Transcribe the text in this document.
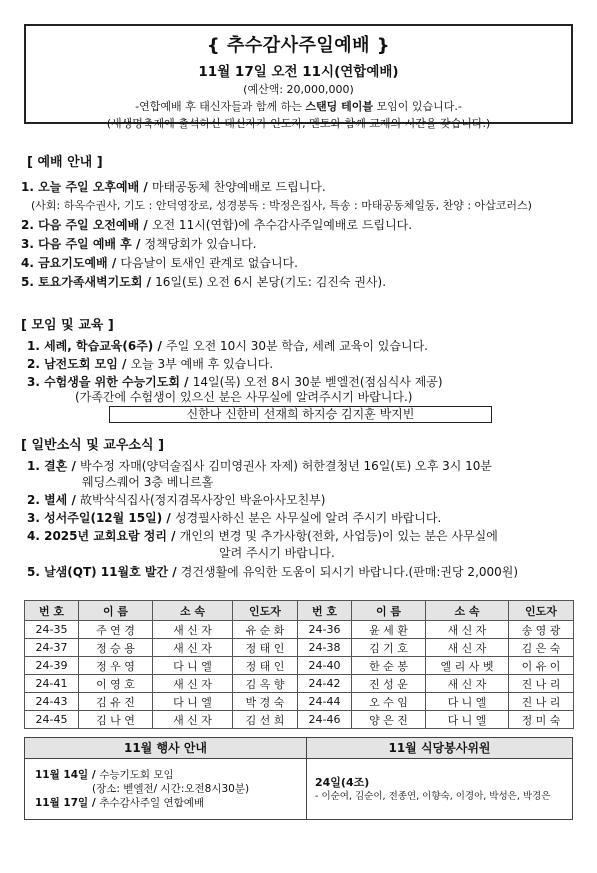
{ 추수감사주일예배 }
11월 17일 오전 11시(연합예배)
(예산액: 20,000,000)
-연합예배 후 태신자들과 함께 하는 스탠딩 테이블 모임이 있습니다.-
(새생명축제에 출석하신 태신자가 인도자, 멘토와 함께 교제의 시간을 갖습니다.)
[ 예배 안내 ]
1. 오늘 주일 오후예배 / 마태공동체 찬양예배로 드립니다.
(사회: 하옥수권사, 기도 : 안덕영장로, 성경봉독 : 박정은집사, 특송 : 마태공동체일동, 찬양 : 아삽코러스)
2. 다음 주일 오전예배 / 오전 11시(연합)에 추수감사주일예배로 드립니다.
3. 다음 주일 예배 후 / 정책당회가 있습니다.
4. 금요기도예배 / 다음날이 토새인 관계로 없습니다.
5. 토요가족새벽기도회 / 16일(토) 오전 6시 본당(기도: 김진숙 권사).
[ 모임 및 교육 ]
1. 세례, 학습교육(6주) / 주일 오전 10시 30분 학습, 세례 교육이 있습니다.
2. 남전도회 모임 / 오늘 3부 예배 후 있습니다.
3. 수험생을 위한 수능기도회 / 14일(목) 오전 8시 30분 벧엘전(점심식사 제공)
(가족간에 수험생이 있으신 분은 사무실에 알려주시기 바랍니다.)
신한나 신한비 선재희 하지승 김지훈 박지빈
[ 일반소식 및 교우소식 ]
1. 결혼 / 박수정 자매(양덕술집사 김미영권사 자제) 허한결청년 16일(토) 오후 3시 10분
웨딩스퀘어 3층 베니르홀
2. 별세 / 故박삭식집사(정지겸목사장인 박윤아사모친부)
3. 성서주일(12월 15일) / 성경필사하신 분은 사무실에 알려 주시기 바랍니다.
4. 2025년 교회요람 정리 / 개인의 변경 및 추가사항(전화, 사업등)이 있는 분은 사무실에
알려 주시기 바랍니다.
5. 날샘(QT) 11월호 발간 / 경건생활에 유익한 도움이 되시기 바랍니다.(판매:권당 2,000원)
번 호	이 름	소 속	인도자	번 호	이 름	소 속	인도자
24-35	주 연 경	새 신 자	유 순 화	24-36	윤 세 환	새 신 자	송 영 광
24-37	정 승 용	새 신 자	정 태 인	24-38	김 기 호	새 신 자	김 은 숙
24-39	정 우 영	다 니 엘	정 태 인	24-40	한 순 봉	엘 리 사 벳	이 유 이
24-41	이 영 호	새 신 자	김 옥 향	24-42	진 성 운	새 신 자	진 나 리
24-43	김 유 진	다 니 엘	박 경 숙	24-44	오 수 임	다 니 엘	진 나 리
24-45	김 나 연	새 신 자	김 선 희	24-46	양 은 진	다 니 엘	정 미 숙
11월 행사 안내
11월 14일 / 수능기도회 모임
(장소: 벧엘전/ 시간:오전8시30분)
11월 17일 / 추수감사주일 연합예배
11월 식당봉사위원
24일(4조)
- 이순여, 김순이, 전종연, 이향숙, 이경아, 박성은, 박경은
